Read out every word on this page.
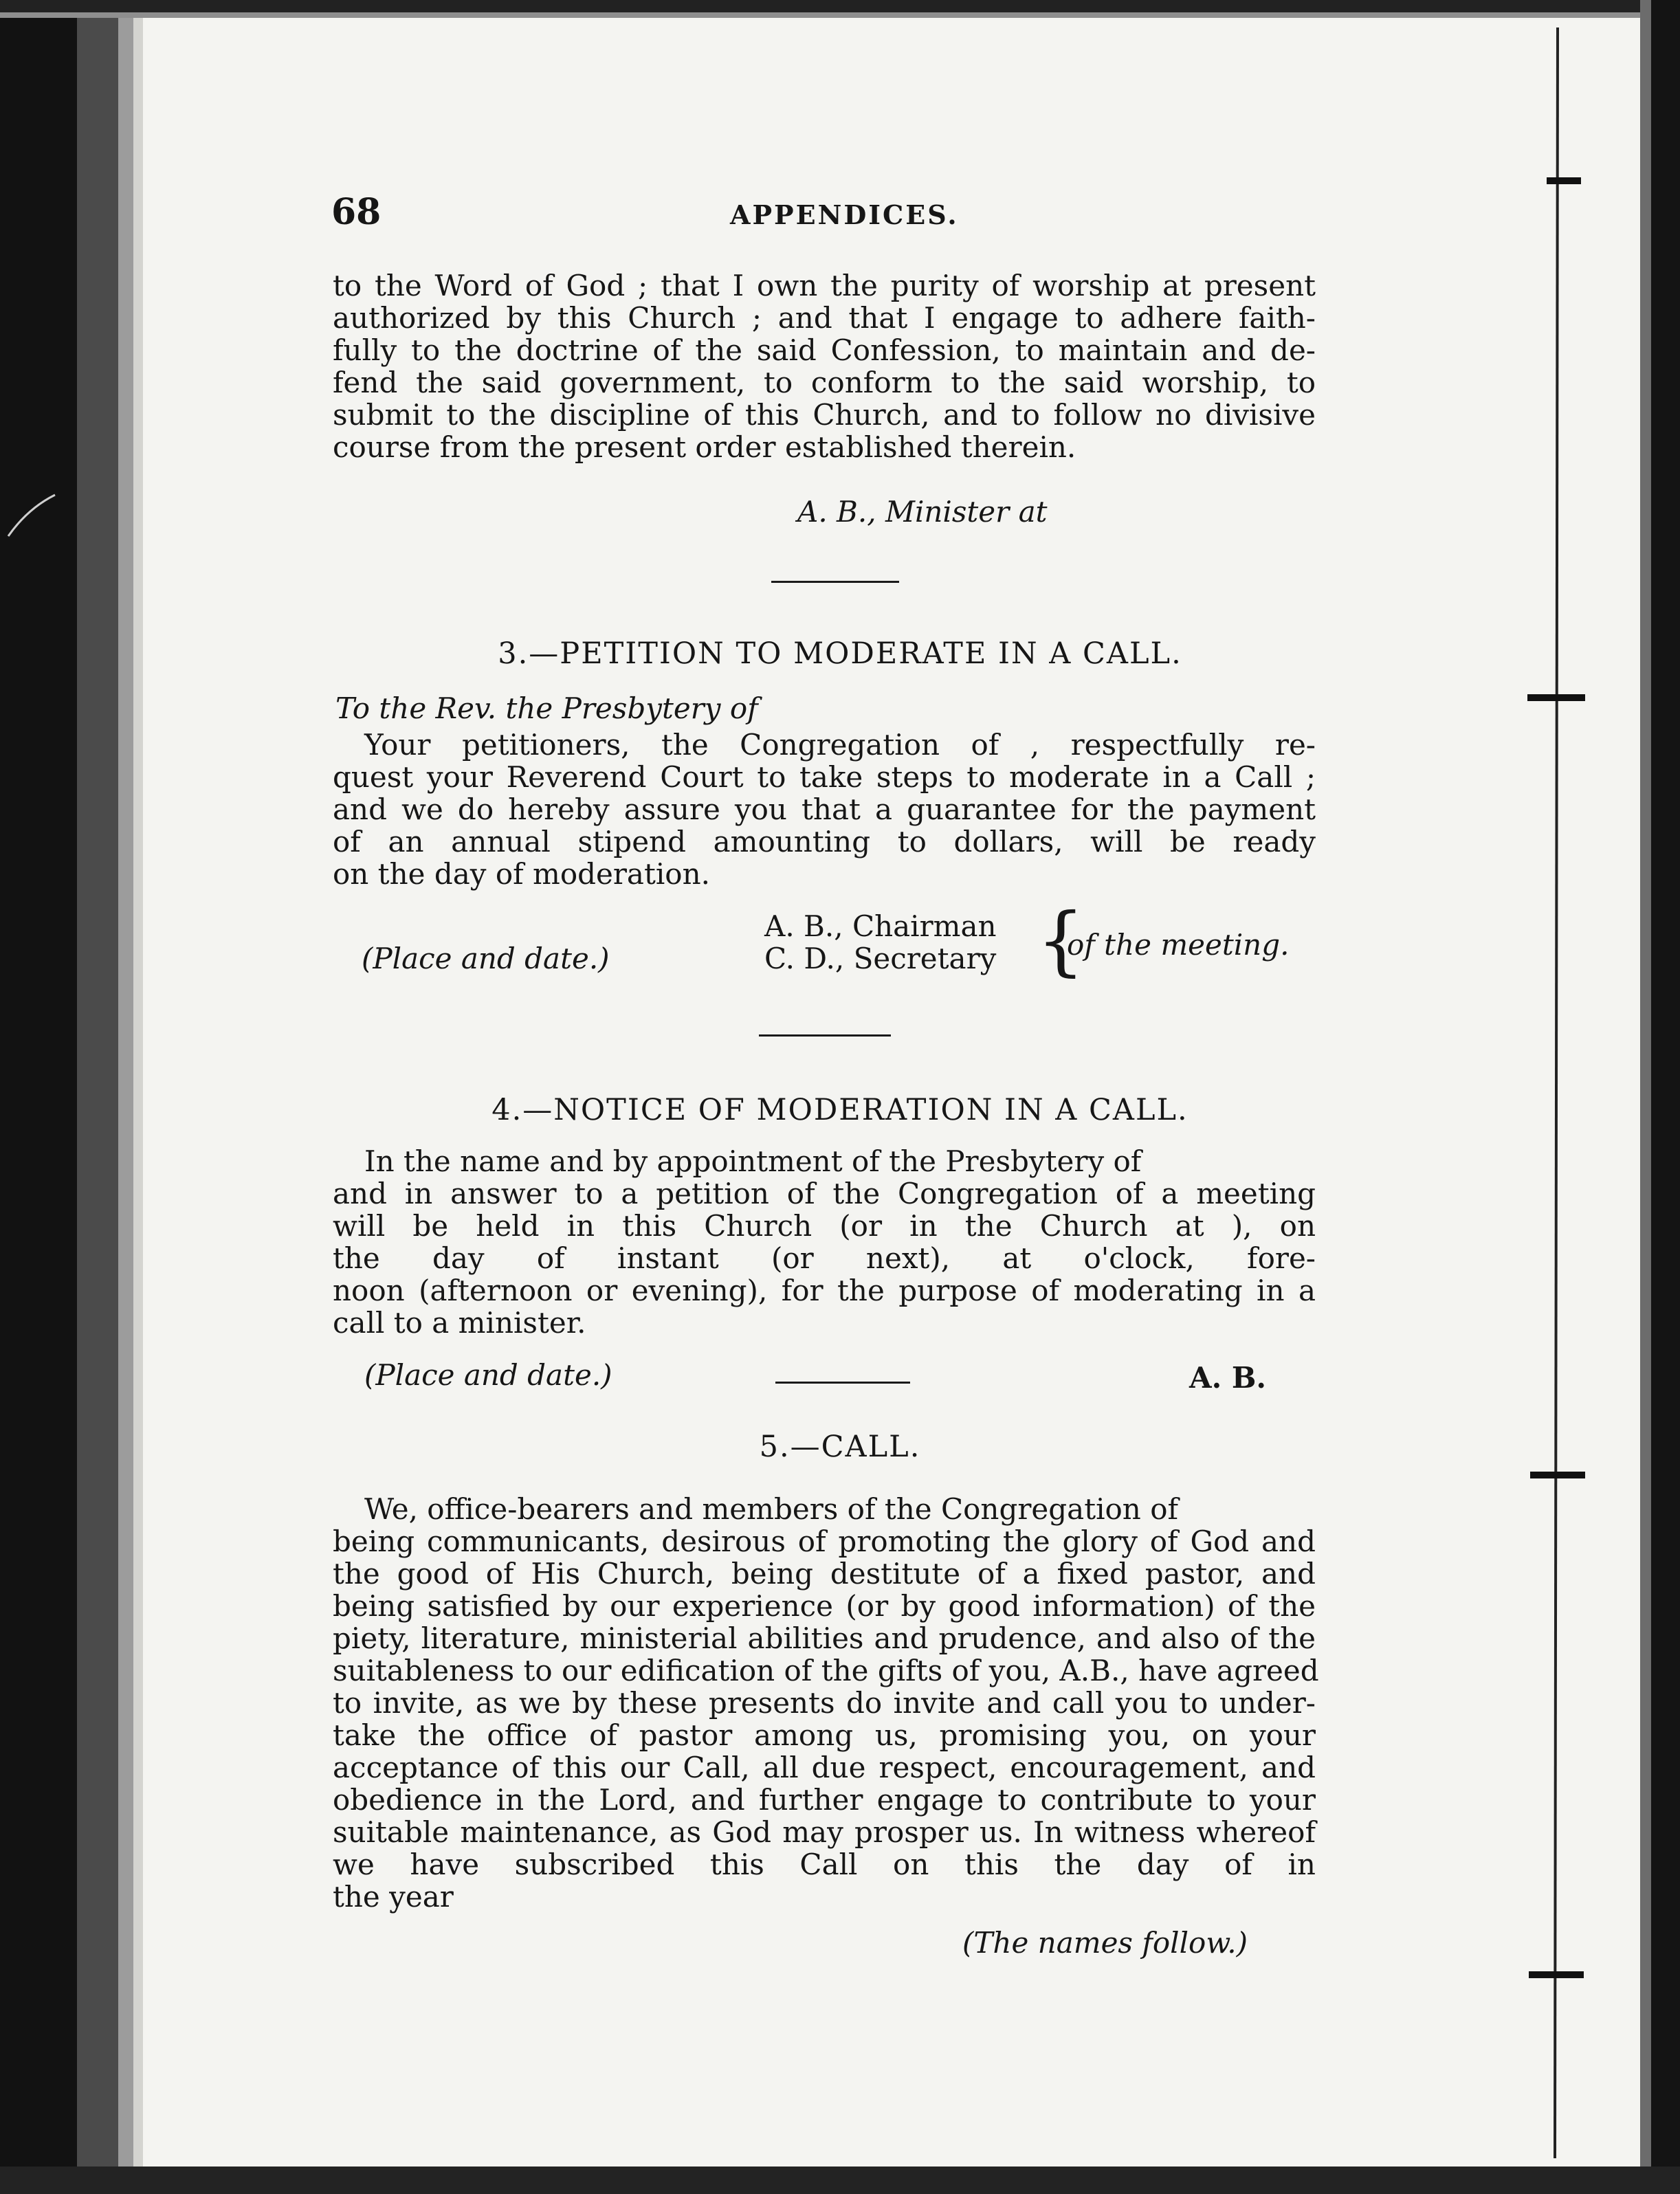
68	APPENDICES.
to the Word of God ; that I own the purity of worship at present
authorized by this Church ; and that I engage to adhere faith-
fully to the doctrine of the said Confession, to maintain and de-
fend the said government, to conform to the said worship, to
submit to the discipline of this Church, and to follow no divisive
course from the present order established therein.
A. B., Minister at
3.—PETITION TO MODERATE IN A CALL.
To the Rev. the Presbytery of
Your petitioners, the Congregation of , respectfully re-
quest your Reverend Court to take steps to moderate in a Call ;
and we do hereby assure you that a guarantee for the payment
of an annual stipend amounting to dollars, will be ready
on the day of moderation.
(Place and date.)
A. B., Chairman
C. D., Secretary {
of the meeting.
4.—NOTICE OF MODERATION IN A CALL.
In the name and by appointment of the Presbytery of
and in answer to a petition of the Congregation of a meeting
will be held in this Church (or in the Church at ), on
the day of instant (or next), at o'clock, fore-
noon (afternoon or evening), for the purpose of moderating in a
call to a minister.
(Place and date.)	A. B.
5.—CALL.
We, office-bearers and members of the Congregation of
being communicants, desirous of promoting the glory of God and
the good of His Church, being destitute of a fixed pastor, and
being satisfied by our experience (or by good information) of the
piety, literature, ministerial abilities and prudence, and also of the
suitableness to our edification of the gifts of you, A.B., have agreed
to invite, as we by these presents do invite and call you to under-
take the office of pastor among us, promising you, on your
acceptance of this our Call, all due respect, encouragement, and
obedience in the Lord, and further engage to contribute to your
suitable maintenance, as God may prosper us. In witness whereof
we have subscribed this Call on this the day of in
the year
(The names follow.)
